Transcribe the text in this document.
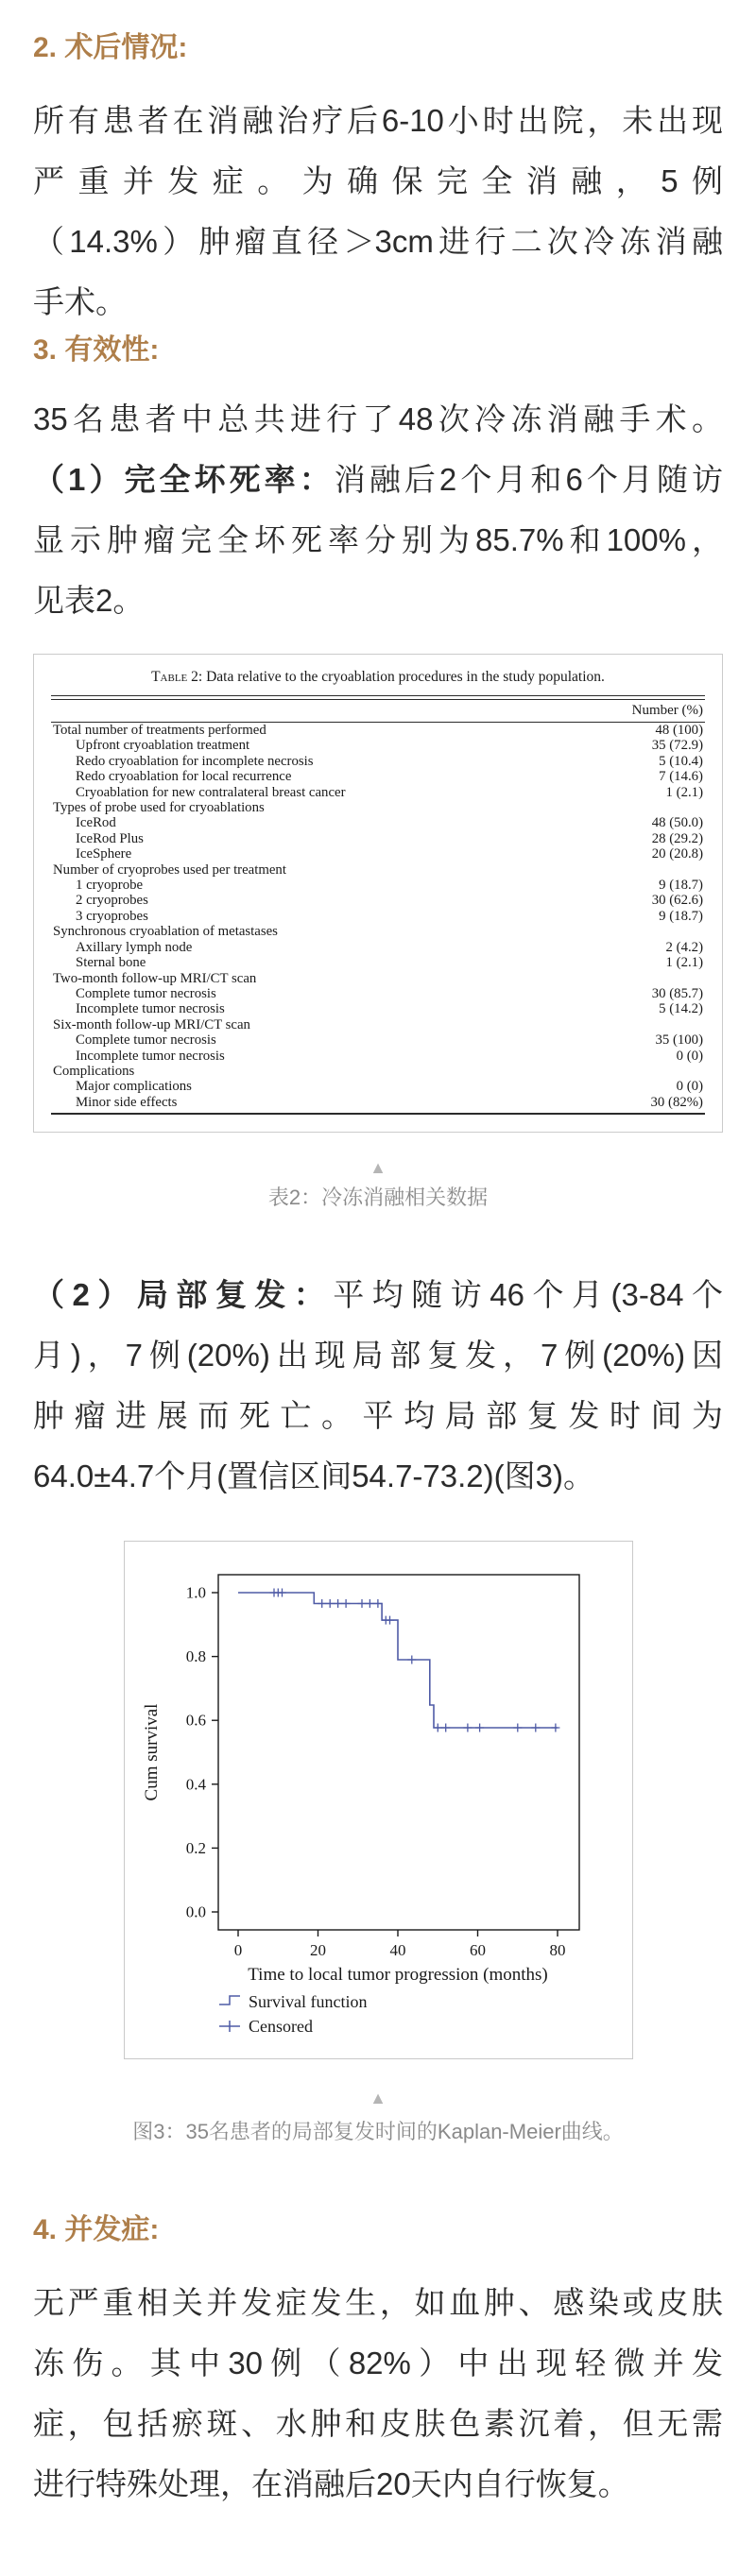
2. 术后情况:
所有患者在消融治疗后6-10小时出院，未出现
严重并发症。为确保完全消融，5例
（14.3%）肿瘤直径＞3cm进行二次冷冻消融
手术。
3. 有效性:
35名患者中总共进行了48次冷冻消融手术。
（1）完全坏死率：消融后2个月和6个月随访
显示肿瘤完全坏死率分别为85.7%和100%，
见表2。
Table 2: Data relative to the cryoablation procedures in the study population.
Number (%)
Total number of treatments performed	48 (100)
Upfront cryoablation treatment	35 (72.9)
Redo cryoablation for incomplete necrosis	5 (10.4)
Redo cryoablation for local recurrence	7 (14.6)
Cryoablation for new contralateral breast cancer	1 (2.1)
Types of probe used for cryoablations
IceRod	48 (50.0)
IceRod Plus	28 (29.2)
IceSphere	20 (20.8)
Number of cryoprobes used per treatment
1 cryoprobe	9 (18.7)
2 cryoprobes	30 (62.6)
3 cryoprobes	9 (18.7)
Synchronous cryoablation of metastases
Axillary lymph node	2 (4.2)
Sternal bone	1 (2.1)
Two-month follow-up MRI/CT scan
Complete tumor necrosis	30 (85.7)
Incomplete tumor necrosis	5 (14.2)
Six-month follow-up MRI/CT scan
Complete tumor necrosis	35 (100)
Incomplete tumor necrosis	0 (0)
Complications
Major complications	0 (0)
Minor side effects	30 (82%)
▲
表2：冷冻消融相关数据
（2）局部复发：平均随访46个月(3-84个
月)，7例(20%)出现局部复发，7例(20%)因
肿瘤进展而死亡。平均局部复发时间为
64.0±4.7个月(置信区间54.7-73.2)(图3)。
1.0
0.8
0.6
0.4
0.2
0.0
0	20	40	60	80
Cum survival
Time to local tumor progression (months)
Survival function
Censored
▲
图3：35名患者的局部复发时间的Kaplan-Meier曲线。
4. 并发症:
无严重相关并发症发生，如血肿、感染或皮肤
冻伤。其中30例（82%）中出现轻微并发
症，包括瘀斑、水肿和皮肤色素沉着，但无需
进行特殊处理，在消融后20天内自行恢复。
